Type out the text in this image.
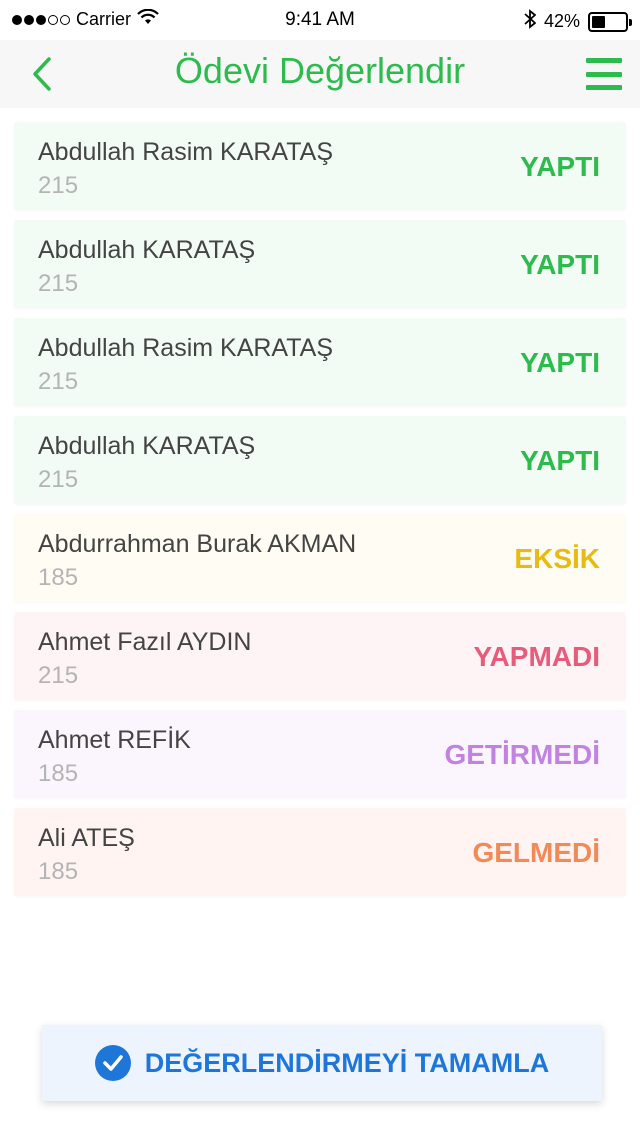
Carrier	9:41 AM	42%
Ödevi Değerlendir
Abdullah Rasim KARATAŞ
215
YAPTI
Abdullah KARATAŞ
215
YAPTI
Abdullah Rasim KARATAŞ
215
YAPTI
Abdullah KARATAŞ
215
YAPTI
Abdurrahman Burak AKMAN
185
EKSİK
Ahmet Fazıl AYDIN
215
YAPMADI
Ahmet REFİK
185
GETİRMEDİ
Ali ATEŞ
185
GELMEDİ
DEĞERLENDİRMEYİ TAMAMLA
